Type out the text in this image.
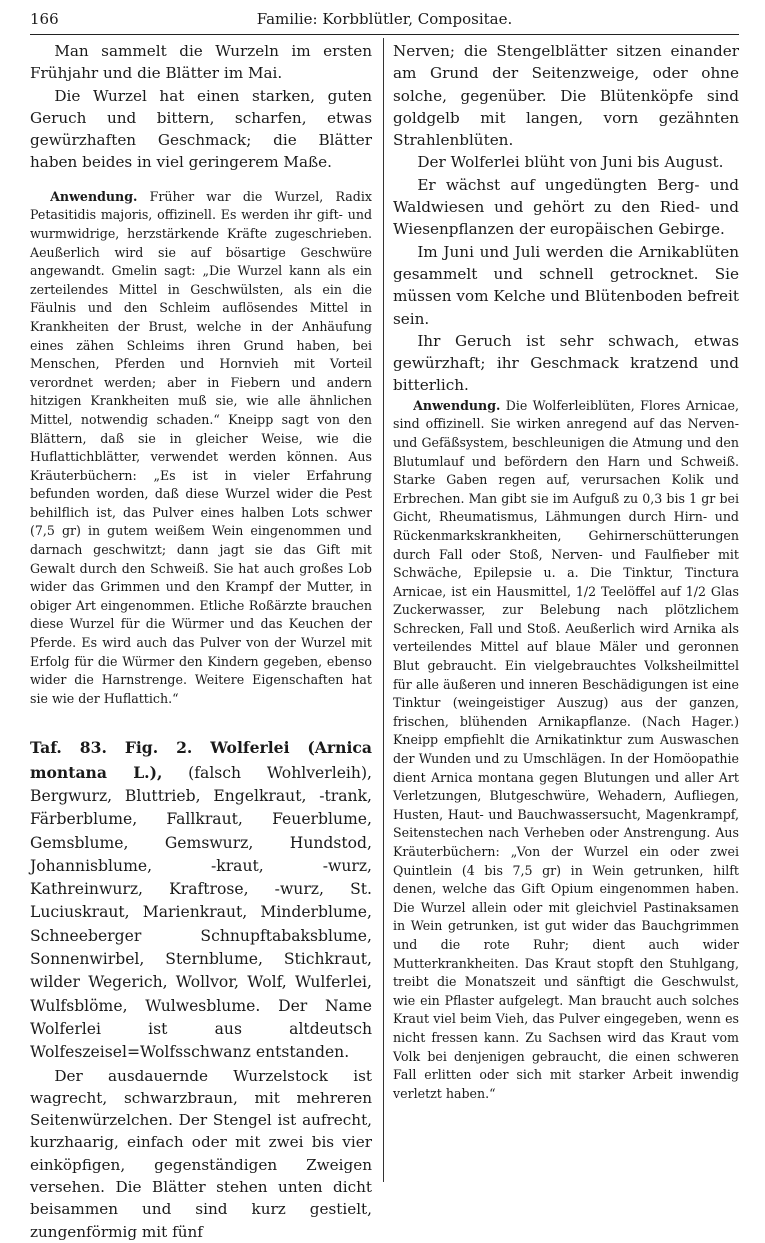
166	Familie: Korbblütler, Compositae.

Man sammelt die Wurzeln im ersten Frühjahr und die Blätter im Mai.

Die Wurzel hat einen starken, guten Geruch und bittern, scharfen, etwas gewürzhaften Geschmack; die Blätter haben beides in viel geringerem Maße.

Anwendung. Früher war die Wurzel, Radix Petasitidis majoris, offizinell. Es werden ihr gift- und wurmwidrige, herzstärkende Kräfte zugeschrieben. Aeußerlich wird sie auf bösartige Geschwüre angewandt. Gmelin sagt: „Die Wurzel kann als ein zerteilendes Mittel in Geschwülsten, als ein die Fäulnis und den Schleim auflösendes Mittel in Krankheiten der Brust, welche in der Anhäufung eines zähen Schleims ihren Grund haben, bei Menschen, Pferden und Hornvieh mit Vorteil verordnet werden; aber in Fiebern und andern hitzigen Krankheiten muß sie, wie alle ähnlichen Mittel, notwendig schaden.“ Kneipp sagt von den Blättern, daß sie in gleicher Weise, wie die Huflattichblätter, verwendet werden können. Aus Kräuterbüchern: „Es ist in vieler Erfahrung befunden worden, daß diese Wurzel wider die Pest behilflich ist, das Pulver eines halben Lots schwer (7,5 gr) in gutem weißem Wein eingenommen und darnach geschwitzt; dann jagt sie das Gift mit Gewalt durch den Schweiß. Sie hat auch großes Lob wider das Grimmen und den Krampf der Mutter, in obiger Art eingenommen. Etliche Roßärzte brauchen diese Wurzel für die Würmer und das Keuchen der Pferde. Es wird auch das Pulver von der Wurzel mit Erfolg für die Würmer den Kindern gegeben, ebenso wider die Harnstrenge. Weitere Eigenschaften hat sie wie der Huflattich.“

Taf. 83. Fig. 2. Wolferlei (Arnica montana L.), (falsch Wohlverleih), Bergwurz, Bluttrieb, Engelkraut, -trank, Färberblume, Fallkraut, Feuerblume, Gemsblume, Gemswurz, Hundstod, Johannisblume, -kraut, -wurz, Kathreinwurz, Kraftrose, -wurz, St. Luciuskraut, Marienkraut, Minderblume, Schneeberger Schnupftabaksblume, Sonnenwirbel, Sternblume, Stichkraut, wilder Wegerich, Wollvor, Wolf, Wulferlei, Wulfsblöme, Wulwesblume. Der Name Wolferlei ist aus altdeutsch Wolfeszeisel=Wolfsschwanz entstanden.

Der ausdauernde Wurzelstock ist wagrecht, schwarzbraun, mit mehreren Seitenwürzelchen. Der Stengel ist aufrecht, kurzhaarig, einfach oder mit zwei bis vier einköpfigen, gegenständigen Zweigen versehen. Die Blätter stehen unten dicht beisammen und sind kurz gestielt, zungenförmig mit fünf

Nerven; die Stengelblätter sitzen einander am Grund der Seitenzweige, oder ohne solche, gegenüber. Die Blütenköpfe sind goldgelb mit langen, vorn gezähnten Strahlenblüten.

Der Wolferlei blüht von Juni bis August.

Er wächst auf ungedüngten Berg- und Waldwiesen und gehört zu den Ried- und Wiesenpflanzen der europäischen Gebirge.

Im Juni und Juli werden die Arnikablüten gesammelt und schnell getrocknet. Sie müssen vom Kelche und Blütenboden befreit sein.

Ihr Geruch ist sehr schwach, etwas gewürzhaft; ihr Geschmack kratzend und bitterlich.

Anwendung. Die Wolferleiblüten, Flores Arnicae, sind offizinell. Sie wirken anregend auf das Nerven- und Gefäßsystem, beschleunigen die Atmung und den Blutumlauf und befördern den Harn und Schweiß. Starke Gaben regen auf, verursachen Kolik und Erbrechen. Man gibt sie im Aufguß zu 0,3 bis 1 gr bei Gicht, Rheumatismus, Lähmungen durch Hirn- und Rückenmarkskrankheiten, Gehirnerschütterungen durch Fall oder Stoß, Nerven- und Faulfieber mit Schwäche, Epilepsie u. a. Die Tinktur, Tinctura Arnicae, ist ein Hausmittel, 1/2 Teelöffel auf 1/2 Glas Zuckerwasser, zur Belebung nach plötzlichem Schrecken, Fall und Stoß. Aeußerlich wird Arnika als verteilendes Mittel auf blaue Mäler und geronnen Blut gebraucht. Ein vielgebrauchtes Volksheilmittel für alle äußeren und inneren Beschädigungen ist eine Tinktur (weingeistiger Auszug) aus der ganzen, frischen, blühenden Arnikapflanze. (Nach Hager.) Kneipp empfiehlt die Arnikatinktur zum Auswaschen der Wunden und zu Umschlägen. In der Homöopathie dient Arnica montana gegen Blutungen und aller Art Verletzungen, Blutgeschwüre, Wehadern, Aufliegen, Husten, Haut- und Bauchwassersucht, Magenkrampf, Seitenstechen nach Verheben oder Anstrengung. Aus Kräuterbüchern: „Von der Wurzel ein oder zwei Quintlein (4 bis 7,5 gr) in Wein getrunken, hilft denen, welche das Gift Opium eingenommen haben. Die Wurzel allein oder mit gleichviel Pastinaksamen in Wein getrunken, ist gut wider das Bauchgrimmen und die rote Ruhr; dient auch wider Mutterkrankheiten. Das Kraut stopft den Stuhlgang, treibt die Monatszeit und sänftigt die Geschwulst, wie ein Pflaster aufgelegt. Man braucht auch solches Kraut viel beim Vieh, das Pulver eingegeben, wenn es nicht fressen kann. Zu Sachsen wird das Kraut vom Volk bei denjenigen gebraucht, die einen schweren Fall erlitten oder sich mit starker Arbeit inwendig verletzt haben.“
